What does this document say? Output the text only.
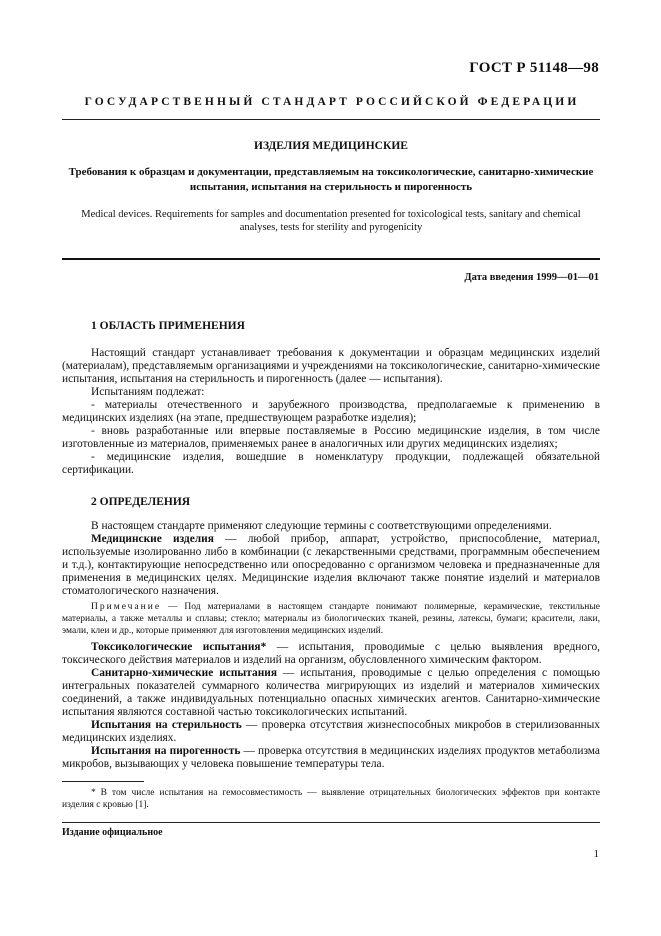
ГОСТ Р 51148—98
ГОСУДАРСТВЕННЫЙ СТАНДАРТ РОССИЙСКОЙ ФЕДЕРАЦИИ
ИЗДЕЛИЯ МЕДИЦИНСКИЕ
Требования к образцам и документации, представляемым на токсикологические, санитарно-химические испытания, испытания на стерильность и пирогенность
Medical devices. Requirements for samples and documentation presented for toxicological tests, sanitary and chemical analyses, tests for sterility and pyrogenicity
Дата введения 1999—01—01
1 ОБЛАСТЬ ПРИМЕНЕНИЯ

Настоящий стандарт устанавливает требования к документации и образцам медицинских изделий (материалам), представляемым организациями и учреждениями на токсикологические, санитарно-химические испытания, испытания на стерильность и пирогенность (далее — испытания).

Испытаниям подлежат:

- материалы отечественного и зарубежного производства, предполагаемые к применению в медицинских изделиях (на этапе, предшествующем разработке изделия);

- вновь разработанные или впервые поставляемые в Россию медицинские изделия, в том числе изготовленные из материалов, применяемых ранее в аналогичных или других медицинских изделиях;

- медицинские изделия, вошедшие в номенклатуру продукции, подлежащей обязательной сертификации.

2 ОПРЕДЕЛЕНИЯ

В настоящем стандарте применяют следующие термины с соответствующими определениями.

Медицинские изделия — любой прибор, аппарат, устройство, приспособление, материал, используемые изолированно либо в комбинации (с лекарственными средствами, программным обеспечением и т.д.), контактирующие непосредственно или опосредованно с организмом человека и предназначенные для применения в медицинских целях. Медицинские изделия включают также понятие изделий и материалов стоматологического назначения.

Примечание — Под материалами в настоящем стандарте понимают полимерные, керамические, текстильные материалы, а также металлы и сплавы; стекло; материалы из биологических тканей, резины, латексы, бумаги; красители, лаки, эмали, клеи и др., которые применяют для изготовления медицинских изделий.

Токсикологические испытания* — испытания, проводимые с целью выявления вредного, токсического действия материалов и изделий на организм, обусловленного химическим фактором.

Санитарно-химические испытания — испытания, проводимые с целью определения с помощью интегральных показателей суммарного количества мигрирующих из изделий и материалов химических соединений, а также индивидуальных потенциально опасных химических агентов. Санитарно-химические испытания являются составной частью токсикологических испытаний.

Испытания на стерильность — проверка отсутствия жизнеспособных микробов в стерилизованных медицинских изделиях.

Испытания на пирогенность — проверка отсутствия в медицинских изделиях продуктов метаболизма микробов, вызывающих у человека повышение температуры тела.

* В том числе испытания на гемосовместимость — выявление отрицательных биологических эффектов при контакте изделия с кровью [1].

Издание официальное
1
